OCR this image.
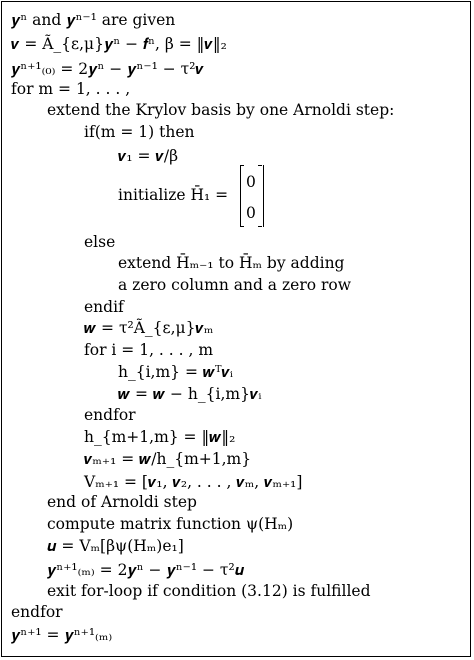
𝒚ⁿ and 𝒚ⁿ⁻¹ are given
𝒗 = Ã_{ε,μ}𝒚ⁿ − 𝒇ⁿ, β = ‖𝒗‖₂
𝒚ⁿ⁺¹₍₀₎ = 2𝒚ⁿ − 𝒚ⁿ⁻¹ − τ²𝒗
for m = 1, . . . ,
extend the Krylov basis by one Arnoldi step:
if(m = 1) then
𝒗₁ = 𝒗/β
initialize H̄₁ =
0
0
else
extend H̄ₘ₋₁ to H̄ₘ by adding
a zero column and a zero row
endif
𝒘 = τ²Ã_{ε,μ}𝒗ₘ
for i = 1, . . . , m
h_{i,m} = 𝒘ᵀ𝒗ᵢ
𝒘 = 𝒘 − h_{i,m}𝒗ᵢ
endfor
h_{m+1,m} = ‖𝒘‖₂
𝒗ₘ₊₁ = 𝒘/h_{m+1,m}
Vₘ₊₁ = [𝒗₁, 𝒗₂, . . . , 𝒗ₘ, 𝒗ₘ₊₁]
end of Arnoldi step
compute matrix function ψ(Hₘ)
𝒖 = Vₘ[βψ(Hₘ)e₁]
𝒚ⁿ⁺¹₍ₘ₎ = 2𝒚ⁿ − 𝒚ⁿ⁻¹ − τ²𝒖
exit for-loop if condition (3.12) is fulfilled
endfor
𝒚ⁿ⁺¹ = 𝒚ⁿ⁺¹₍ₘ₎
